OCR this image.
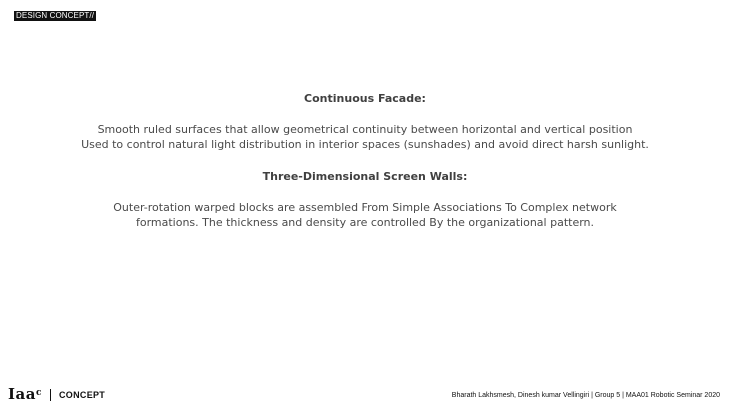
DESIGN CONCEPT//

Continuous Facade:

Smooth ruled surfaces that allow geometrical continuity between horizontal and vertical position

Used to control natural light distribution in interior spaces (sunshades) and avoid direct harsh sunlight.

Three-Dimensional Screen Walls:

Outer-rotation warped blocks are assembled From Simple Associations To Complex network

formations. The thickness and density are controlled By the organizational pattern.

Iaa$^c$ CONCEPT	Bharath Lakhsmesh, Dinesh kumar Vellingiri | Group 5 | MAA01 Robotic Seminar 2020
